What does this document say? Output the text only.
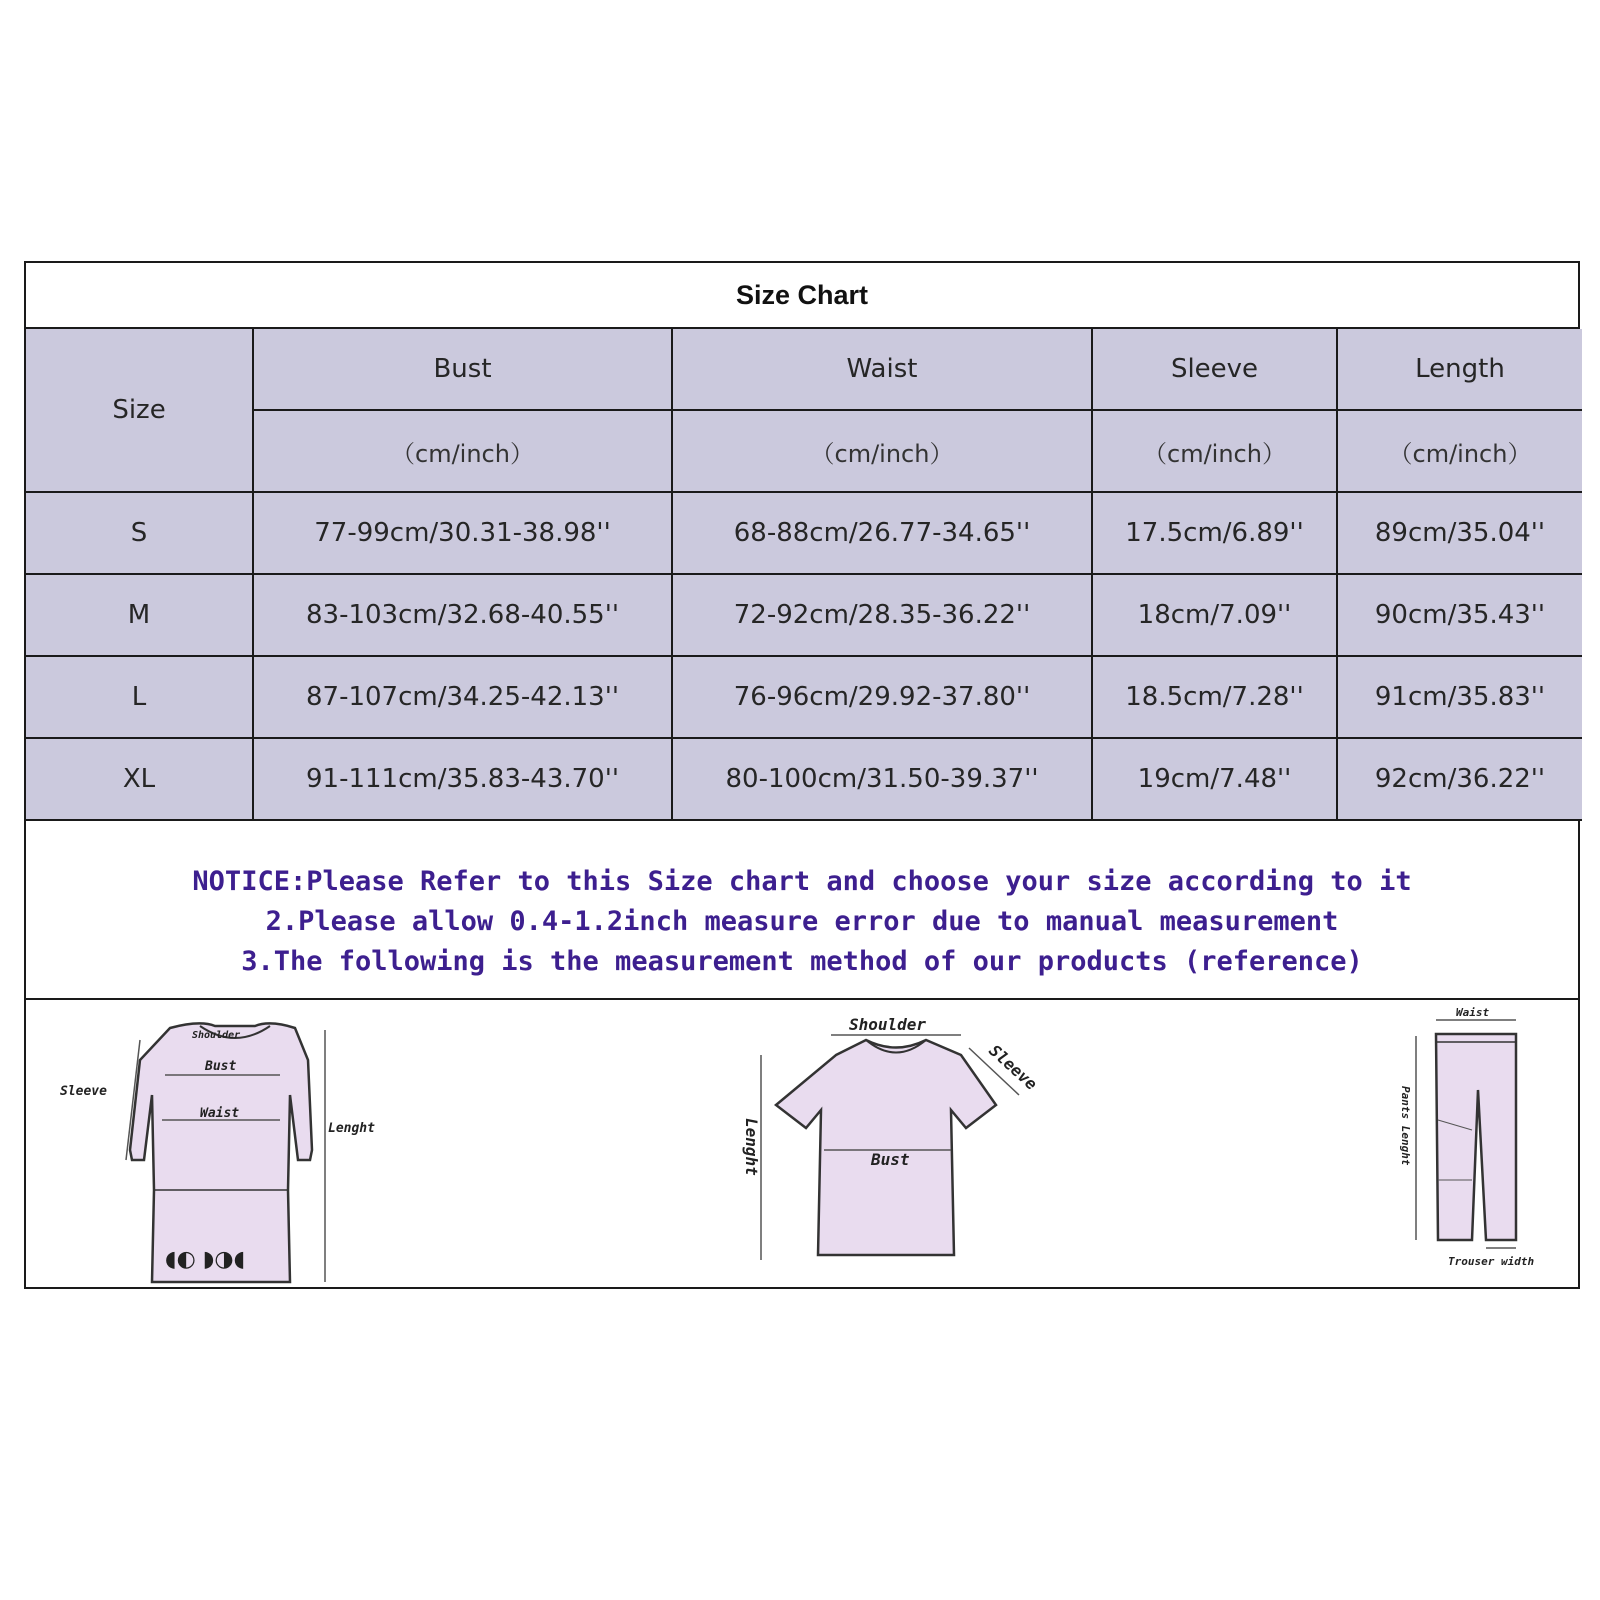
Size Chart
Size	Bust	Waist	Sleeve	Length
	（cm/inch）	（cm/inch）	（cm/inch）	（cm/inch）
S	77-99cm/30.31-38.98''	68-88cm/26.77-34.65''	17.5cm/6.89''	89cm/35.04''
M	83-103cm/32.68-40.55''	72-92cm/28.35-36.22''	18cm/7.09''	90cm/35.43''
L	87-107cm/34.25-42.13''	76-96cm/29.92-37.80''	18.5cm/7.28''	91cm/35.83''
XL	91-111cm/35.83-43.70''	80-100cm/31.50-39.37''	19cm/7.48''	92cm/36.22''
NOTICE:Please Refer to this Size chart and choose your size according to it
2.Please allow 0.4-1.2inch measure error due to manual measurement
3.The following is the measurement method of our products (reference)
Shoulder
Bust
Waist
Sleeve
Lenght
◖◐ ◗◑◖
Shoulder
Sleeve
Bust
Lenght
Waist
Pants Lenght
Trouser width
